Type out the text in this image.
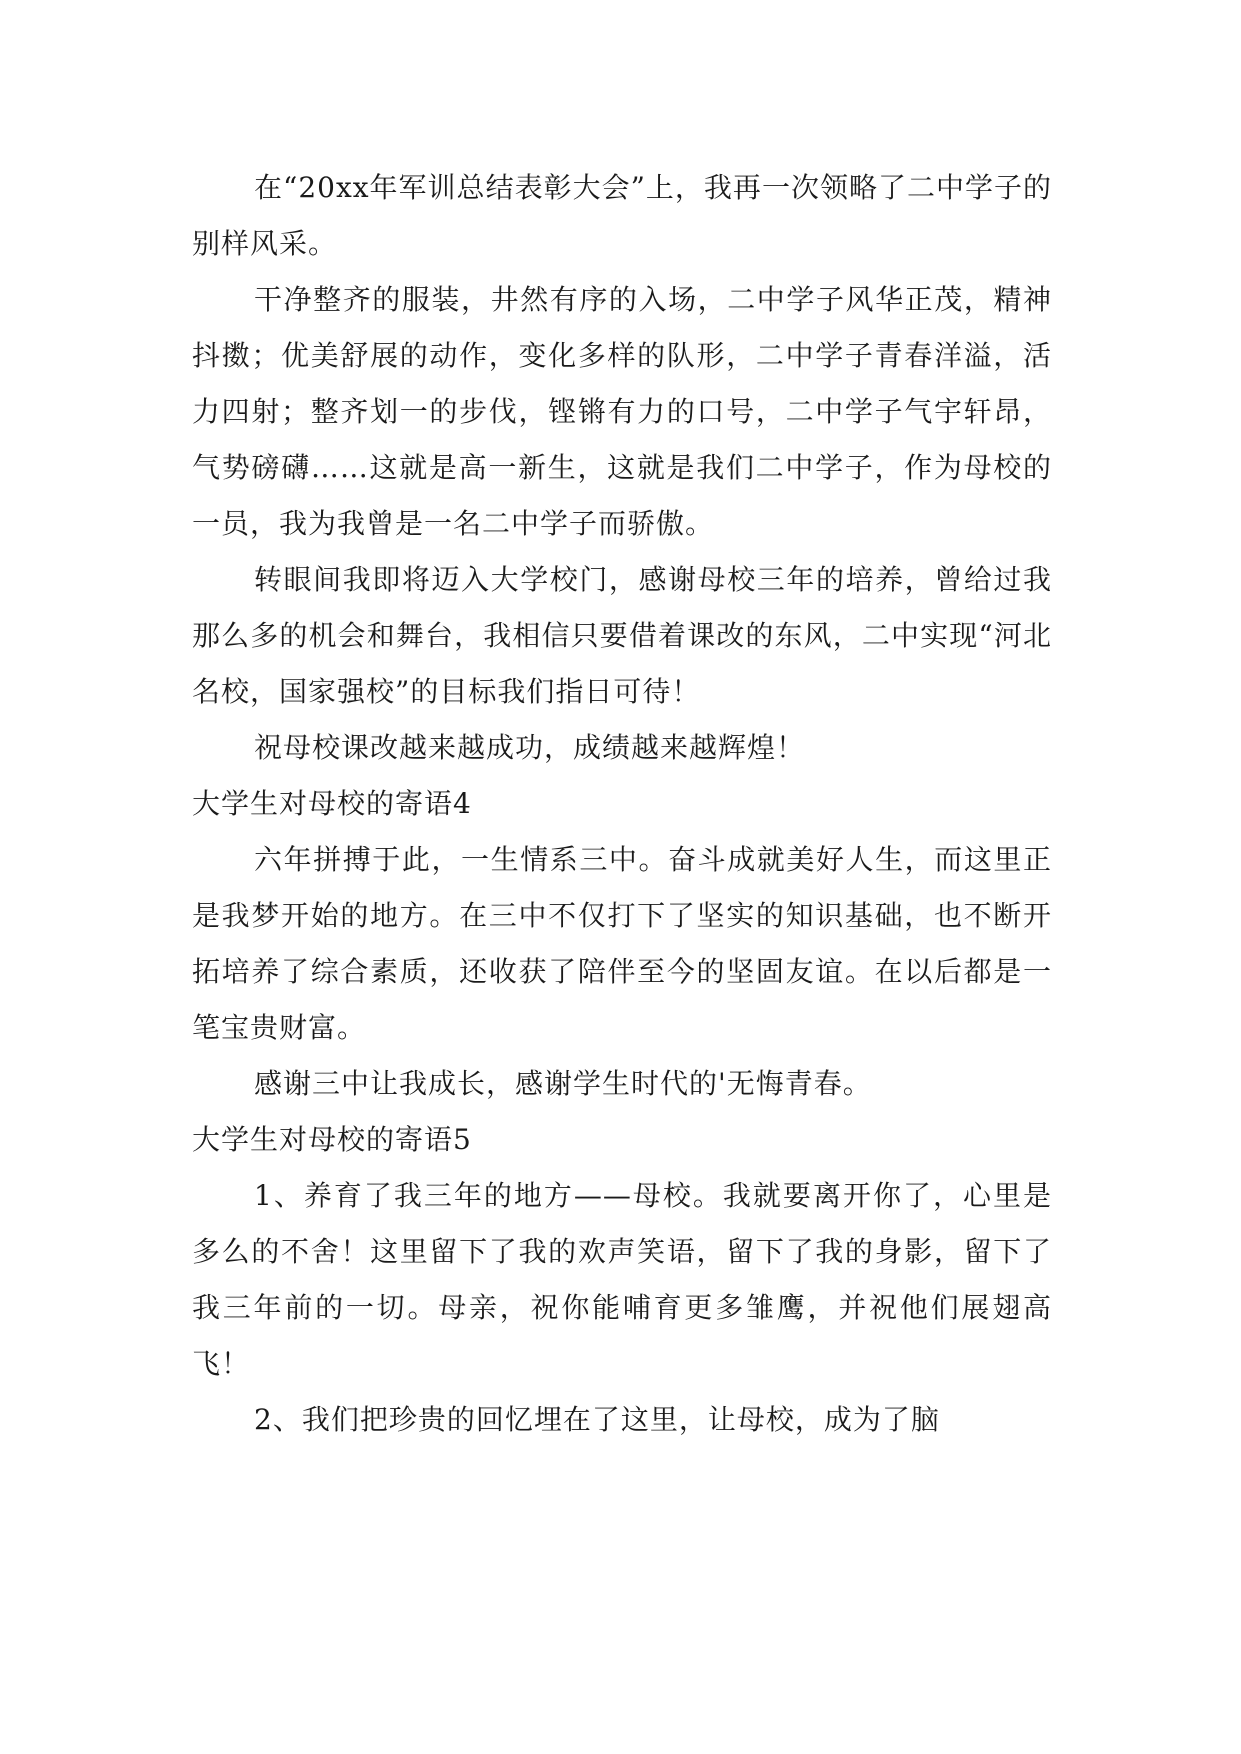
在“20xx年军训总结表彰大会”上，我再一次领略了二中学子的别样风采。

干净整齐的服装，井然有序的入场，二中学子风华正茂，精神抖擞；优美舒展的动作，变化多样的队形，二中学子青春洋溢，活力四射；整齐划一的步伐，铿锵有力的口号，二中学子气宇轩昂，气势磅礴……这就是高一新生，这就是我们二中学子，作为母校的一员，我为我曾是一名二中学子而骄傲。

转眼间我即将迈入大学校门，感谢母校三年的培养，曾给过我那么多的机会和舞台，我相信只要借着课改的东风，二中实现“河北名校，国家强校”的目标我们指日可待！

祝母校课改越来越成功，成绩越来越辉煌！

大学生对母校的寄语4

六年拼搏于此，一生情系三中。奋斗成就美好人生，而这里正是我梦开始的地方。在三中不仅打下了坚实的知识基础，也不断开拓培养了综合素质，还收获了陪伴至今的坚固友谊。在以后都是一笔宝贵财富。

感谢三中让我成长，感谢学生时代的'无悔青春。

大学生对母校的寄语5

1、养育了我三年的地方——母校。我就要离开你了，心里是多么的不舍！这里留下了我的欢声笑语，留下了我的身影，留下了我三年前的一切。母亲，祝你能哺育更多雏鹰，并祝他们展翅高飞！

2、我们把珍贵的回忆埋在了这里，让母校，成为了脑
